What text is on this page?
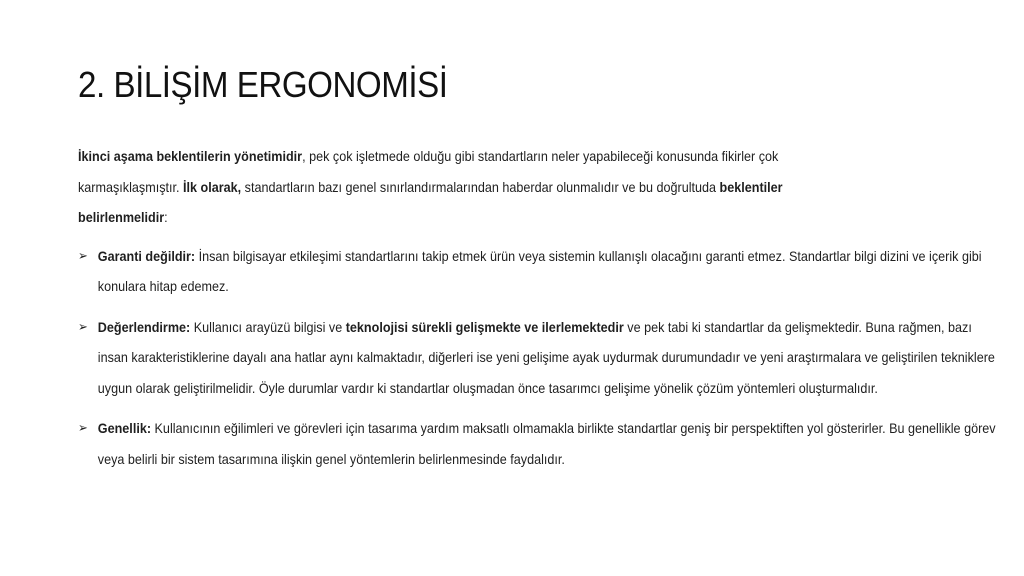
2. BİLİŞİM ERGONOMİSİ

İkinci aşama beklentilerin yönetimidir, pek çok işletmede olduğu gibi standartların neler yapabileceği konusunda fikirler çok karmaşıklaşmıştır. İlk olarak, standartların bazı genel sınırlandırmalarından haberdar olunmalıdır ve bu doğrultuda beklentiler belirlenmelidir:

➢ Garanti değildir: İnsan bilgisayar etkileşimi standartlarını takip etmek ürün veya sistemin kullanışlı olacağını garanti etmez. Standartlar bilgi dizini ve içerik gibi konulara hitap edemez.
➢ Değerlendirme: Kullanıcı arayüzü bilgisi ve teknolojisi sürekli gelişmekte ve ilerlemektedir ve pek tabi ki standartlar da gelişmektedir. Buna rağmen, bazı insan karakteristiklerine dayalı ana hatlar aynı kalmaktadır, diğerleri ise yeni gelişime ayak uydurmak durumundadır ve yeni araştırmalara ve geliştirilen tekniklere uygun olarak geliştirilmelidir. Öyle durumlar vardır ki standartlar oluşmadan önce tasarımcı gelişime yönelik çözüm yöntemleri oluşturmalıdır.
➢ Genellik: Kullanıcının eğilimleri ve görevleri için tasarıma yardım maksatlı olmamakla birlikte standartlar geniş bir perspektiften yol gösterirler. Bu genellikle görev veya belirli bir sistem tasarımına ilişkin genel yöntemlerin belirlenmesinde faydalıdır.
